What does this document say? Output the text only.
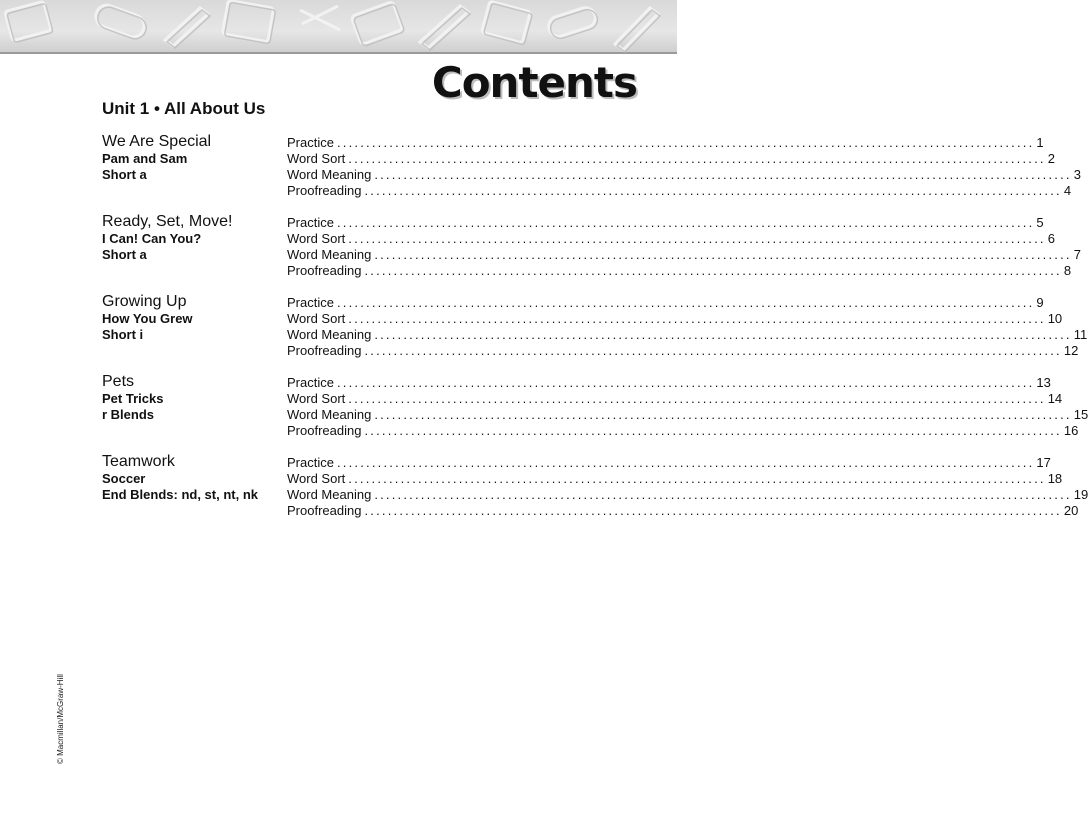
Contents
Unit 1 • All About Us
We Are Special
Pam and Sam
Short a
Practice ........................................................................................................................ 1
Word Sort ........................................................................................................................ 2
Word Meaning ........................................................................................................................ 3
Proofreading ........................................................................................................................ 4
Ready, Set, Move!
I Can! Can You?
Short a
Practice ........................................................................................................................ 5
Word Sort ........................................................................................................................ 6
Word Meaning ........................................................................................................................ 7
Proofreading ........................................................................................................................ 8
Growing Up
How You Grew
Short i
Practice ........................................................................................................................ 9
Word Sort ........................................................................................................................ 10
Word Meaning ........................................................................................................................ 11
Proofreading ........................................................................................................................ 12
Pets
Pet Tricks
r Blends
Practice ........................................................................................................................ 13
Word Sort ........................................................................................................................ 14
Word Meaning ........................................................................................................................ 15
Proofreading ........................................................................................................................ 16
Teamwork
Soccer
End Blends: nd, st, nt, nk
Practice ........................................................................................................................ 17
Word Sort ........................................................................................................................ 18
Word Meaning ........................................................................................................................ 19
Proofreading ........................................................................................................................ 20
© Macmillan/McGraw-Hill
